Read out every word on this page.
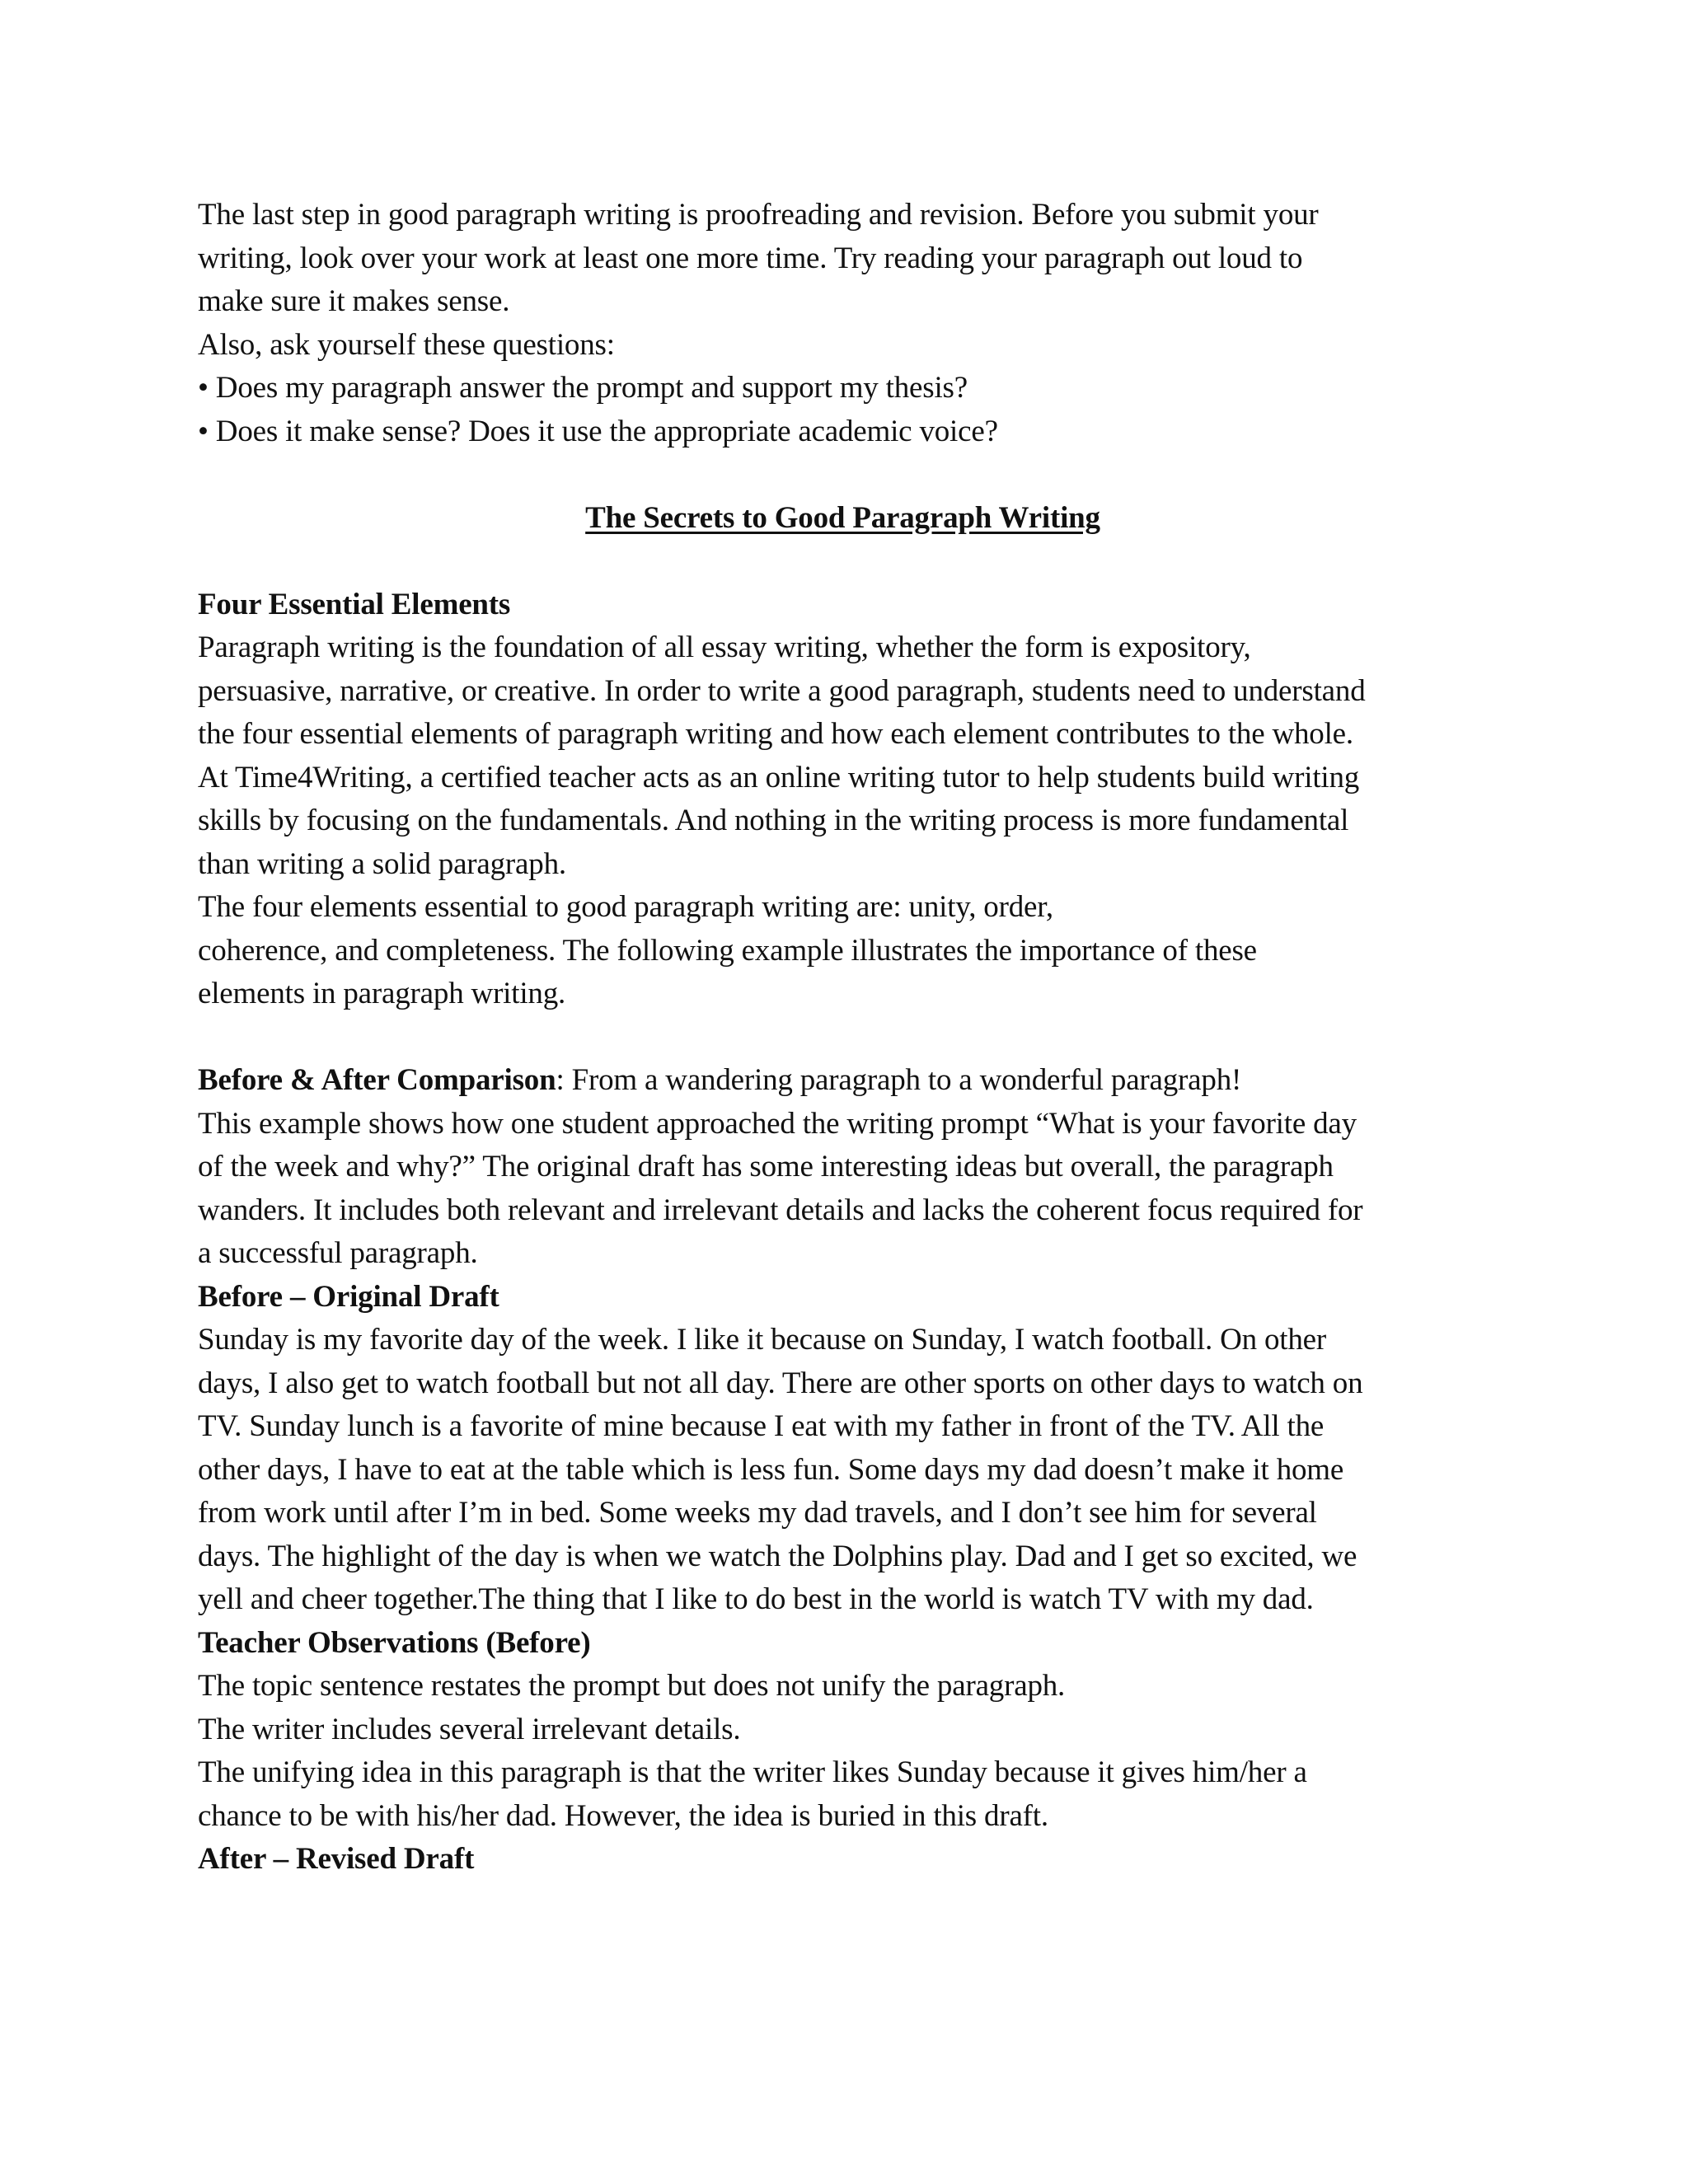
The last step in good paragraph writing is proofreading and revision. Before you submit your
writing, look over your work at least one more time. Try reading your paragraph out loud to
make sure it makes sense.
Also, ask yourself these questions:
• Does my paragraph answer the prompt and support my thesis?
• Does it make sense? Does it use the appropriate academic voice?
The Secrets to Good Paragraph Writing
Four Essential Elements
Paragraph writing is the foundation of all essay writing, whether the form is expository,
persuasive, narrative, or creative. In order to write a good paragraph, students need to understand
the four essential elements of paragraph writing and how each element contributes to the whole.
At Time4Writing, a certified teacher acts as an online writing tutor to help students build writing
skills by focusing on the fundamentals. And nothing in the writing process is more fundamental
than writing a solid paragraph.
The four elements essential to good paragraph writing are: unity, order,
coherence, and completeness. The following example illustrates the importance of these
elements in paragraph writing.
Before & After Comparison: From a wandering paragraph to a wonderful paragraph!
This example shows how one student approached the writing prompt “What is your favorite day
of the week and why?” The original draft has some interesting ideas but overall, the paragraph
wanders. It includes both relevant and irrelevant details and lacks the coherent focus required for
a successful paragraph.
Before – Original Draft
Sunday is my favorite day of the week. I like it because on Sunday, I watch football. On other
days, I also get to watch football but not all day. There are other sports on other days to watch on
TV. Sunday lunch is a favorite of mine because I eat with my father in front of the TV. All the
other days, I have to eat at the table which is less fun. Some days my dad doesn’t make it home
from work until after I’m in bed. Some weeks my dad travels, and I don’t see him for several
days. The highlight of the day is when we watch the Dolphins play. Dad and I get so excited, we
yell and cheer together.The thing that I like to do best in the world is watch TV with my dad.
Teacher Observations (Before)
The topic sentence restates the prompt but does not unify the paragraph.
The writer includes several irrelevant details.
The unifying idea in this paragraph is that the writer likes Sunday because it gives him/her a
chance to be with his/her dad. However, the idea is buried in this draft.
After – Revised Draft
